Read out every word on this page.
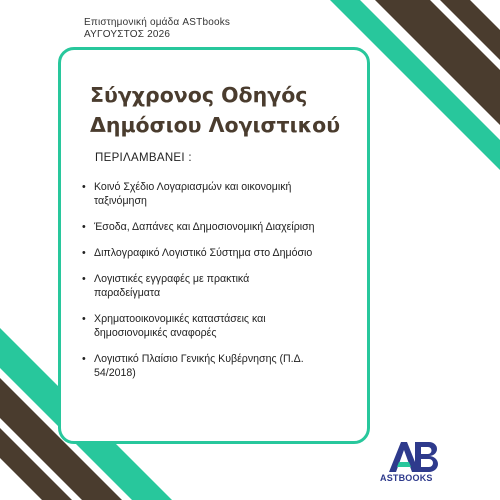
Επιστημονική ομάδα ASTbooks
ΑΥΓΟΥΣΤΟΣ 2026
Σύγχρονος Οδηγός
Δημόσιου Λογιστικού
ΠΕΡΙΛΑΜΒΑΝΕΙ :
• Κοινό Σχέδιο Λογαριασμών και οικονομική
ταξινόμηση
• Έσοδα, Δαπάνες και Δημοσιονομική Διαχείριση
• Διπλογραφικό Λογιστικό Σύστημα στο Δημόσιο
• Λογιστικές εγγραφές με πρακτικά
παραδείγματα
• Χρηματοοικονομικές καταστάσεις και
δημοσιονομικές αναφορές
• Λογιστικό Πλαίσιο Γενικής Κυβέρνησης (Π.Δ.
54/2018)
ASTBOOKS
